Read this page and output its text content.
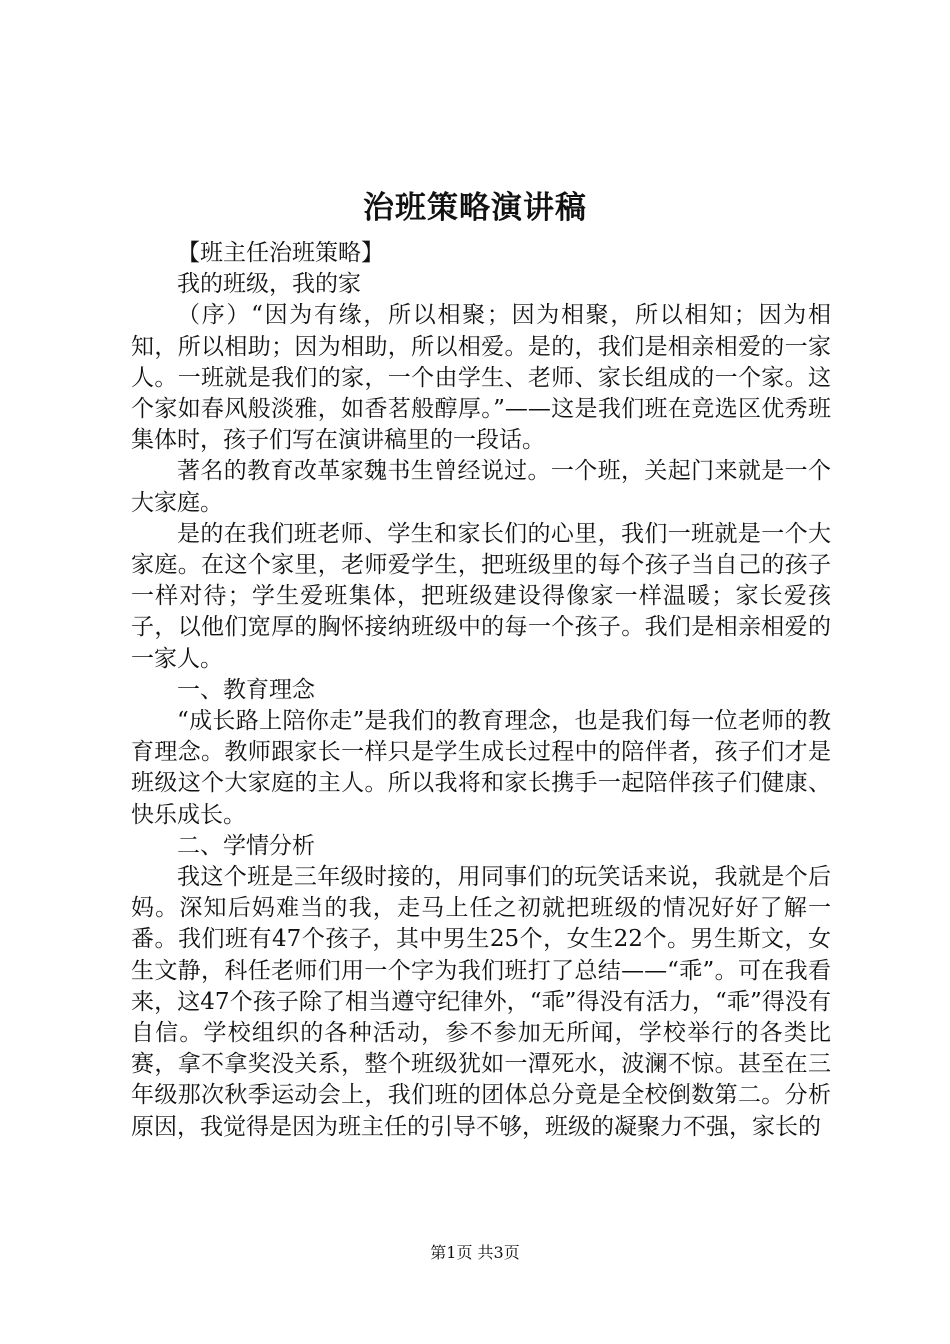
治班策略演讲稿

【班主任治班策略】

我的班级，我的家

（序）“因为有缘，所以相聚；因为相聚，所以相知；因为相知，所以相助；因为相助，所以相爱。是的，我们是相亲相爱的一家人。一班就是我们的家，一个由学生、老师、家长组成的一个家。这个家如春风般淡雅，如香茗般醇厚。”——这是我们班在竞选区优秀班集体时，孩子们写在演讲稿里的一段话。

著名的教育改革家魏书生曾经说过。一个班，关起门来就是一个大家庭。

是的在我们班老师、学生和家长们的心里，我们一班就是一个大家庭。在这个家里，老师爱学生，把班级里的每个孩子当自己的孩子一样对待；学生爱班集体，把班级建设得像家一样温暖；家长爱孩子，以他们宽厚的胸怀接纳班级中的每一个孩子。我们是相亲相爱的一家人。

一、教育理念

“成长路上陪你走”是我们的教育理念，也是我们每一位老师的教育理念。教师跟家长一样只是学生成长过程中的陪伴者，孩子们才是班级这个大家庭的主人。所以我将和家长携手一起陪伴孩子们健康、快乐成长。

二、学情分析

我这个班是三年级时接的，用同事们的玩笑话来说，我就是个后妈。深知后妈难当的我，走马上任之初就把班级的情况好好了解一番。我们班有47个孩子，其中男生25个，女生22个。男生斯文，女生文静，科任老师们用一个字为我们班打了总结——“乖”。可在我看来，这47个孩子除了相当遵守纪律外，“乖”得没有活力，“乖”得没有自信。学校组织的各种活动，参不参加无所闻，学校举行的各类比赛，拿不拿奖没关系，整个班级犹如一潭死水，波澜不惊。甚至在三年级那次秋季运动会上，我们班的团体总分竟是全校倒数第二。分析原因，我觉得是因为班主任的引导不够，班级的凝聚力不强，家长的

第1页 共3页
